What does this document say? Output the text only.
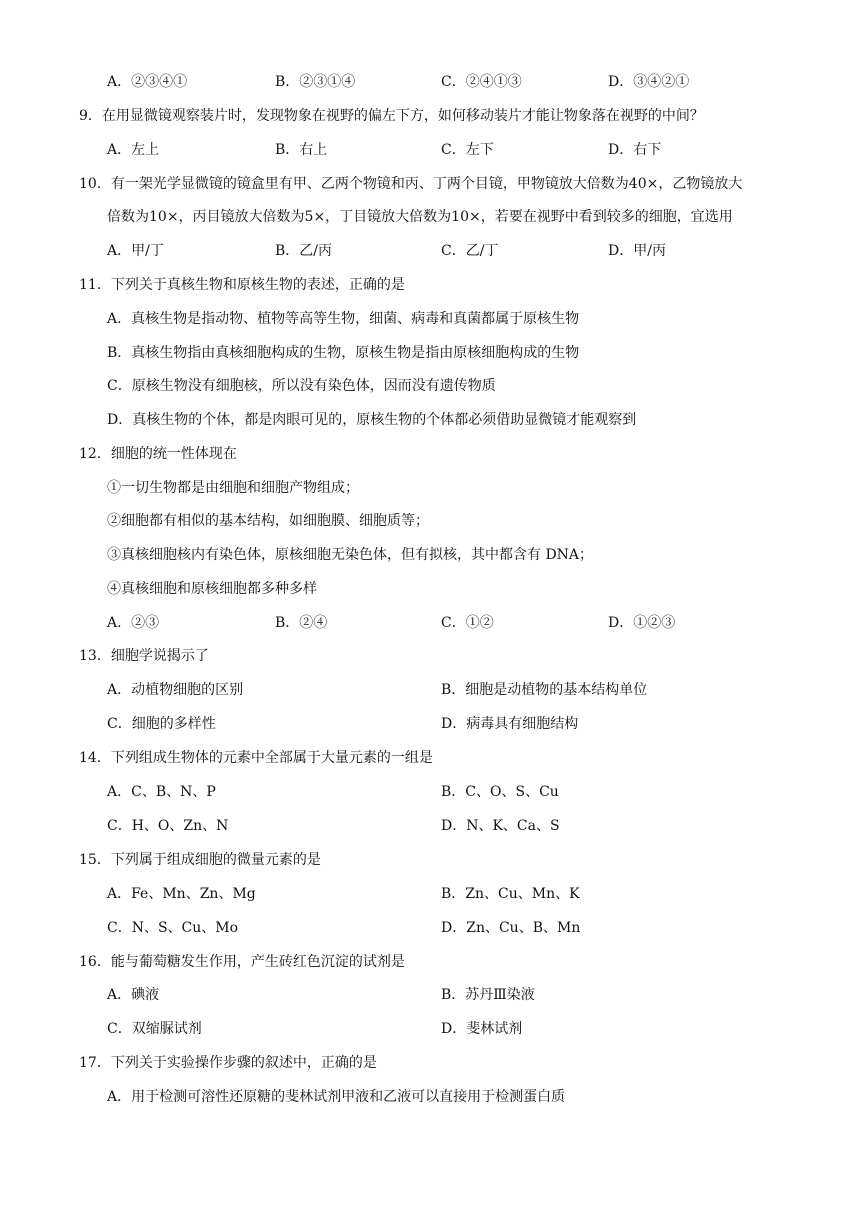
A．②③④①	B．②③①④	C．②④①③	D．③④②①
9．在用显微镜观察装片时，发现物象在视野的偏左下方，如何移动装片才能让物象落在视野的中间？
A．左上	B．右上	C．左下	D．右下
10．有一架光学显微镜的镜盒里有甲、乙两个物镜和丙、丁两个目镜，甲物镜放大倍数为40×，乙物镜放大
倍数为10×，丙目镜放大倍数为5×，丁目镜放大倍数为10×，若要在视野中看到较多的细胞，宜选用
A．甲/丁	B．乙/丙	C．乙/丁	D．甲/丙
11．下列关于真核生物和原核生物的表述，正确的是
A．真核生物是指动物、植物等高等生物，细菌、病毒和真菌都属于原核生物
B．真核生物指由真核细胞构成的生物，原核生物是指由原核细胞构成的生物
C．原核生物没有细胞核，所以没有染色体，因而没有遗传物质
D．真核生物的个体，都是肉眼可见的，原核生物的个体都必须借助显微镜才能观察到
12．细胞的统一性体现在
①一切生物都是由细胞和细胞产物组成；
②细胞都有相似的基本结构，如细胞膜、细胞质等；
③真核细胞核内有染色体，原核细胞无染色体，但有拟核，其中都含有 DNA；
④真核细胞和原核细胞都多种多样
A．②③	B．②④	C．①②	D．①②③
13．细胞学说揭示了
A．动植物细胞的区别	B．细胞是动植物的基本结构单位
C．细胞的多样性	D．病毒具有细胞结构
14．下列组成生物体的元素中全部属于大量元素的一组是
A．C、B、N、P	B．C、O、S、Cu
C．H、O、Zn、N	D．N、K、Ca、S
15．下列属于组成细胞的微量元素的是
A．Fe、Mn、Zn、Mg	B．Zn、Cu、Mn、K
C．N、S、Cu、Mo	D．Zn、Cu、B、Mn
16．能与葡萄糖发生作用，产生砖红色沉淀的试剂是
A．碘液	B．苏丹Ⅲ染液
C．双缩脲试剂	D．斐林试剂
17．下列关于实验操作步骤的叙述中，正确的是
A．用于检测可溶性还原糖的斐林试剂甲液和乙液可以直接用于检测蛋白质
